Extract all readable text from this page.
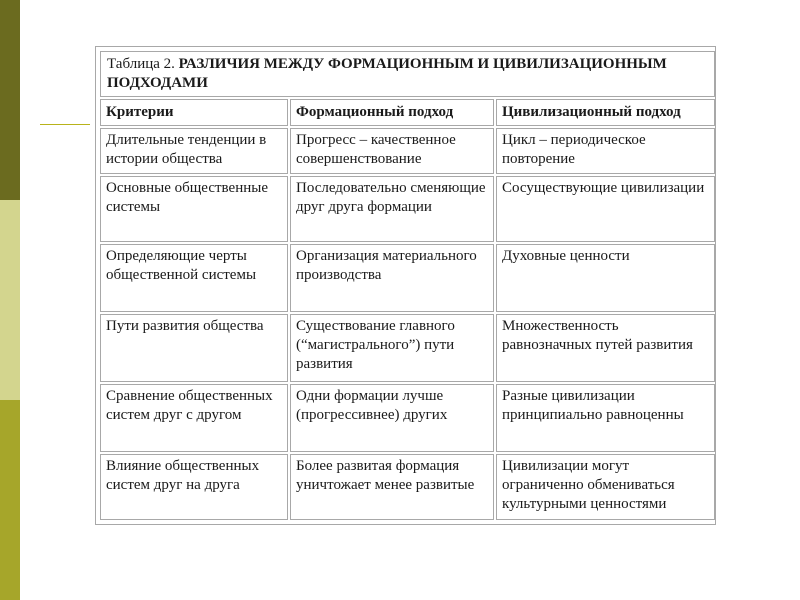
Таблица 2. РАЗЛИЧИЯ МЕЖДУ ФОРМАЦИОННЫМ И ЦИВИЛИЗАЦИОННЫМ ПОДХОДАМИ		
Критерии	Формационный подход	Цивилизационный подход
Длительные тенденции в истории общества	Прогресс – качественное совершенствование	Цикл – периодическое повторение
Основные общественные системы	Последовательно сменяющие друг друга формации	Сосуществующие цивилизации
Определяющие черты общественной системы	Организация материального производства	Духовные ценности
Пути развития общества	Существование главного (“магистрального”) пути развития	Множественность равнозначных путей развития
Сравнение общественных систем друг с другом	Одни формации лучше (прогрессивнее) других	Разные цивилизации принципиально равноценны
Влияние общественных систем друг на друга	Более развитая формация уничтожает менее развитые	Цивилизации могут ограниченно обмениваться культурными ценностями
